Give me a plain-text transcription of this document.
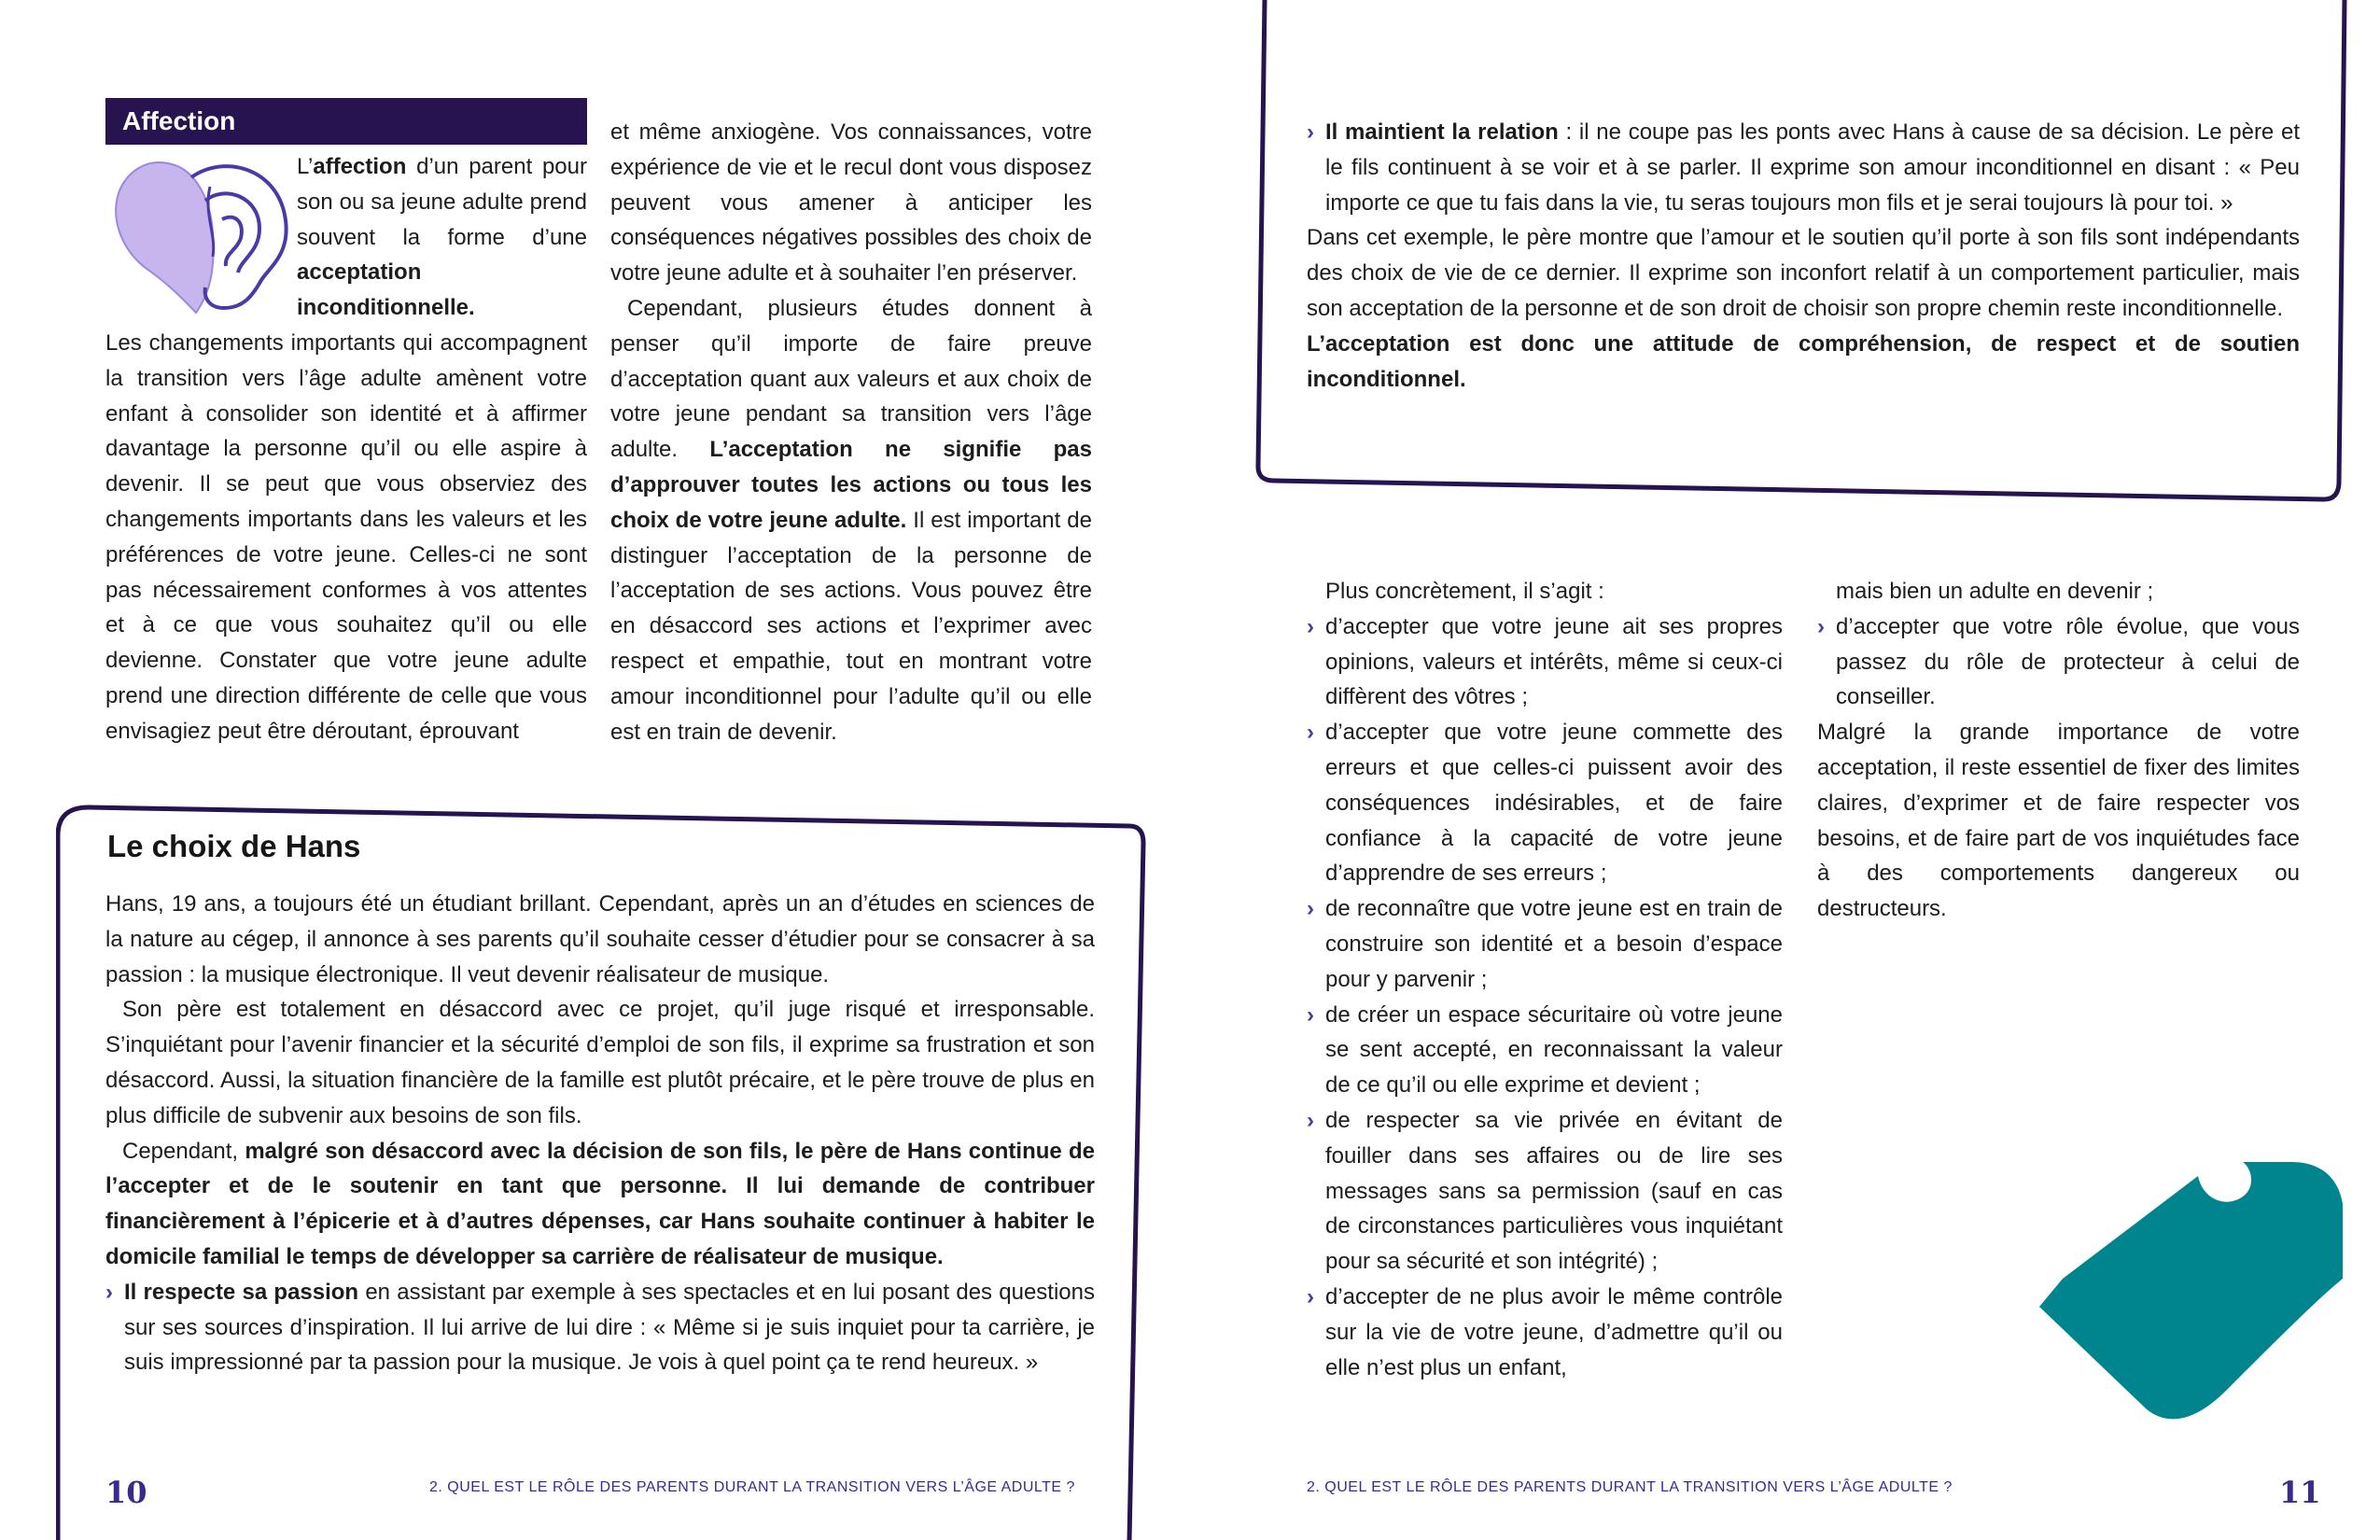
Affection

L’affection d’un parent pour son ou sa jeune adulte prend souvent la forme d’une acceptation inconditionnelle.

Les changements importants qui accompagnent la transition vers l’âge adulte amènent votre enfant à consolider son identité et à affirmer davantage la personne qu’il ou elle aspire à devenir. Il se peut que vous observiez des changements importants dans les valeurs et les préférences de votre jeune. Celles-ci ne sont pas nécessairement conformes à vos attentes et à ce que vous souhaitez qu’il ou elle devienne. Constater que votre jeune adulte prend une direction différente de celle que vous envisagiez peut être déroutant, éprouvant

et même anxiogène. Vos connaissances, votre expérience de vie et le recul dont vous disposez peuvent vous amener à anticiper les conséquences négatives possibles des choix de votre jeune adulte et à souhaiter l’en préserver.

Cependant, plusieurs études donnent à penser qu’il importe de faire preuve d’acceptation quant aux valeurs et aux choix de votre jeune pendant sa transition vers l’âge adulte. L’acceptation ne signifie pas d’approuver toutes les actions ou tous les choix de votre jeune adulte. Il est important de distinguer l’acceptation de la personne de l’acceptation de ses actions. Vous pouvez être en désaccord ses actions et l’exprimer avec respect et empathie, tout en montrant votre amour inconditionnel pour l’adulte qu’il ou elle est en train de devenir.

Le choix de Hans

Hans, 19 ans, a toujours été un étudiant brillant. Cependant, après un an d’études en sciences de la nature au cégep, il annonce à ses parents qu’il souhaite cesser d’étudier pour se consacrer à sa passion : la musique électronique. Il veut devenir réalisateur de musique.

Son père est totalement en désaccord avec ce projet, qu’il juge risqué et irresponsable. S’inquiétant pour l’avenir financier et la sécurité d’emploi de son fils, il exprime sa frustration et son désaccord. Aussi, la situation financière de la famille est plutôt précaire, et le père trouve de plus en plus difficile de subvenir aux besoins de son fils.

Cependant, malgré son désaccord avec la décision de son fils, le père de Hans continue de l’accepter et de le soutenir en tant que personne. Il lui demande de contribuer financièrement à l’épicerie et à d’autres dépenses, car Hans souhaite continuer à habiter le domicile familial le temps de développer sa carrière de réalisateur de musique.

› Il respecte sa passion en assistant par exemple à ses spectacles et en lui posant des questions sur ses sources d’inspiration. Il lui arrive de lui dire : « Même si je suis inquiet pour ta carrière, je suis impressionné par ta passion pour la musique. Je vois à quel point ça te rend heureux. »
10	2. QUEL EST LE RÔLE DES PARENTS DURANT LA TRANSITION VERS L’ÂGE ADULTE ?
› Il maintient la relation : il ne coupe pas les ponts avec Hans à cause de sa décision. Le père et le fils continuent à se voir et à se parler. Il exprime son amour inconditionnel en disant : « Peu importe ce que tu fais dans la vie, tu seras toujours mon fils et je serai toujours là pour toi. »

Dans cet exemple, le père montre que l’amour et le soutien qu’il porte à son fils sont indépendants des choix de vie de ce dernier. Il exprime son inconfort relatif à un comportement particulier, mais son acceptation de la personne et de son droit de choisir son propre chemin reste inconditionnelle.

L’acceptation est donc une attitude de compréhension, de respect et de soutien inconditionnel.

Plus concrètement, il s’agit :

› d’accepter que votre jeune ait ses propres opinions, valeurs et intérêts, même si ceux-ci diffèrent des vôtres ;
› d’accepter que votre jeune commette des erreurs et que celles-ci puissent avoir des conséquences indésirables, et de faire confiance à la capacité de votre jeune d’apprendre de ses erreurs ;
› de reconnaître que votre jeune est en train de construire son identité et a besoin d’espace pour y parvenir ;
› de créer un espace sécuritaire où votre jeune se sent accepté, en reconnaissant la valeur de ce qu’il ou elle exprime et devient ;
› de respecter sa vie privée en évitant de fouiller dans ses affaires ou de lire ses messages sans sa permission (sauf en cas de circonstances particulières vous inquiétant pour sa sécurité et son intégrité) ;
› d’accepter de ne plus avoir le même contrôle sur la vie de votre jeune, d’admettre qu’il ou elle n’est plus un enfant,

mais bien un adulte en devenir ;

› d’accepter que votre rôle évolue, que vous passez du rôle de protecteur à celui de conseiller.

Malgré la grande importance de votre acceptation, il reste essentiel de fixer des limites claires, d’exprimer et de faire respecter vos besoins, et de faire part de vos inquiétudes face à des comportements dangereux ou destructeurs.

2. QUEL EST LE RÔLE DES PARENTS DURANT LA TRANSITION VERS L’ÂGE ADULTE ?	11
